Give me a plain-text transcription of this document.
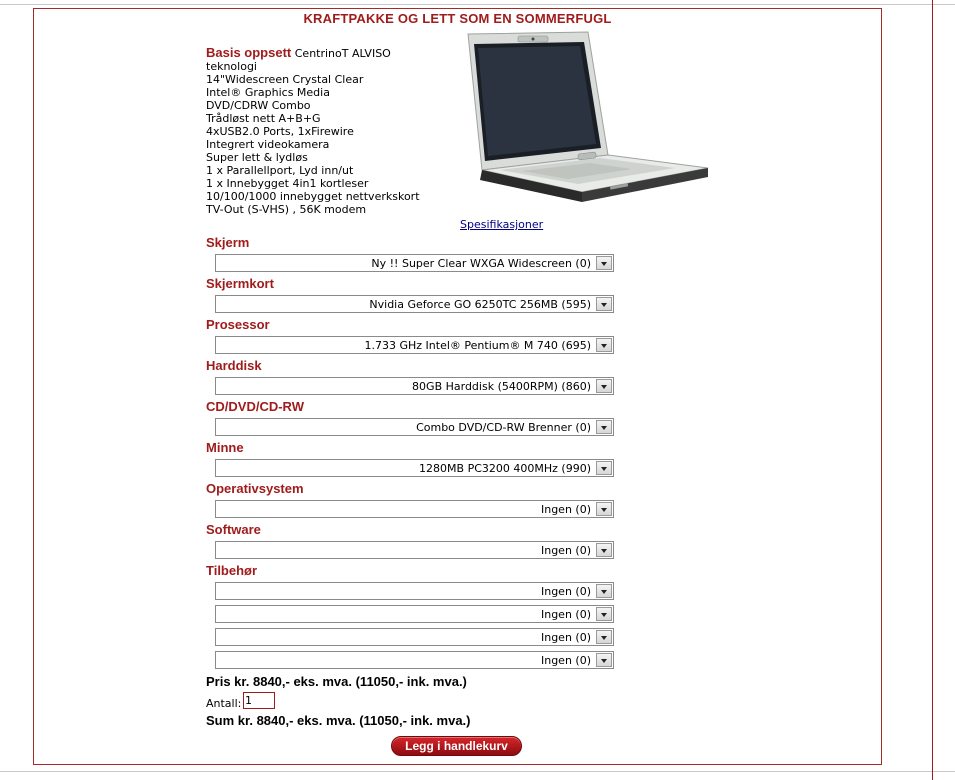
KRAFTPAKKE OG LETT SOM EN SOMMERFUGL
Basis oppsett CentrinoT ALVISO
teknologi
14"Widescreen Crystal Clear
Intel® Graphics Media
DVD/CDRW Combo
Trådløst nett A+B+G
4xUSB2.0 Ports, 1xFirewire
Integrert videokamera
Super lett & lydløs
1 x Parallellport, Lyd inn/ut
1 x Innebygget 4in1 kortleser
10/100/1000 innebygget nettverkskort
TV-Out (S-VHS) , 56K modem
Spesifikasjoner
Skjerm
Ny !! Super Clear WXGA Widescreen (0)
Skjermkort
Nvidia Geforce GO 6250TC 256MB (595)
Prosessor
1.733 GHz Intel® Pentium® M 740 (695)
Harddisk
80GB Harddisk (5400RPM) (860)
CD/DVD/CD-RW
Combo DVD/CD-RW Brenner (0)
Minne
1280MB PC3200 400MHz (990)
Operativsystem
Ingen (0)
Software
Ingen (0)
Tilbehør
Ingen (0)
Ingen (0)
Ingen (0)
Ingen (0)
Pris kr. 8840,- eks. mva. (11050,- ink. mva.)
Antall:
1
Sum kr. 8840,- eks. mva. (11050,- ink. mva.)
Legg i handlekurv
